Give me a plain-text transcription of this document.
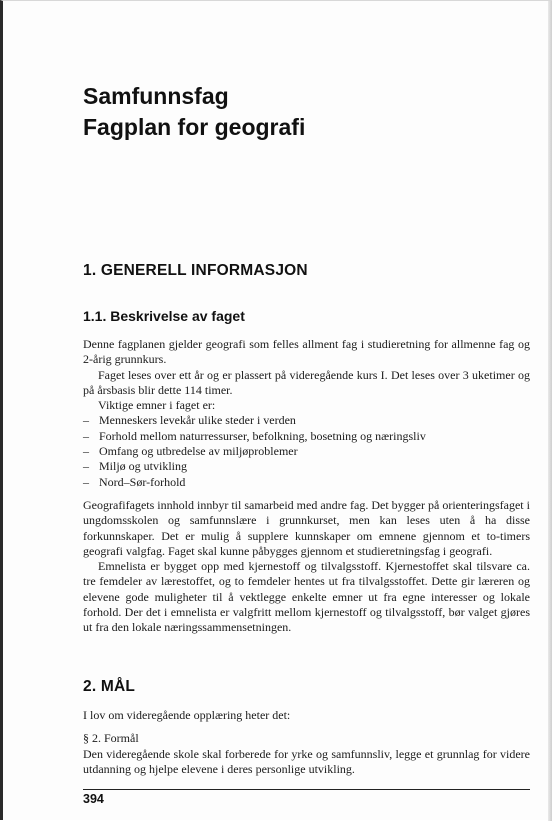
Samfunnsfag
Fagplan for geografi
1. GENERELL INFORMASJON
1.1. Beskrivelse av faget

Denne fagplanen gjelder geografi som felles allment fag i studieretning for allmenne fag og 2-årig grunnkurs.

Faget leses over ett år og er plassert på videregående kurs I. Det leses over 3 uketimer og på årsbasis blir dette 114 timer.

Viktige emner i faget er:

– Menneskers levekår ulike steder i verden
– Forhold mellom naturressurser, befolkning, bosetning og næringsliv
– Omfang og utbredelse av miljøproblemer
– Miljø og utvikling
– Nord–Sør-forhold

Geografifagets innhold innbyr til samarbeid med andre fag. Det bygger på orienteringsfaget i ungdomsskolen og samfunnslære i grunnkurset, men kan leses uten å ha disse forkunnskaper. Det er mulig å supplere kunnskaper om emnene gjennom et to-timers geografi valgfag. Faget skal kunne påbygges gjennom et studieretningsfag i geografi.

Emnelista er bygget opp med kjernestoff og tilvalgsstoff. Kjernestoffet skal tilsvare ca. tre femdeler av lærestoffet, og to femdeler hentes ut fra tilvalgsstoffet. Dette gir læreren og elevene gode muligheter til å vektlegge enkelte emner ut fra egne interesser og lokale forhold. Der det i emnelista er valgfritt mellom kjernestoff og tilvalgsstoff, bør valget gjøres ut fra den lokale næringssammensetningen.

2. MÅL

I lov om videregående opplæring heter det:

§ 2. Formål

Den videregående skole skal forberede for yrke og samfunnsliv, legge et grunnlag for videre utdanning og hjelpe elevene i deres personlige utvikling.

394
